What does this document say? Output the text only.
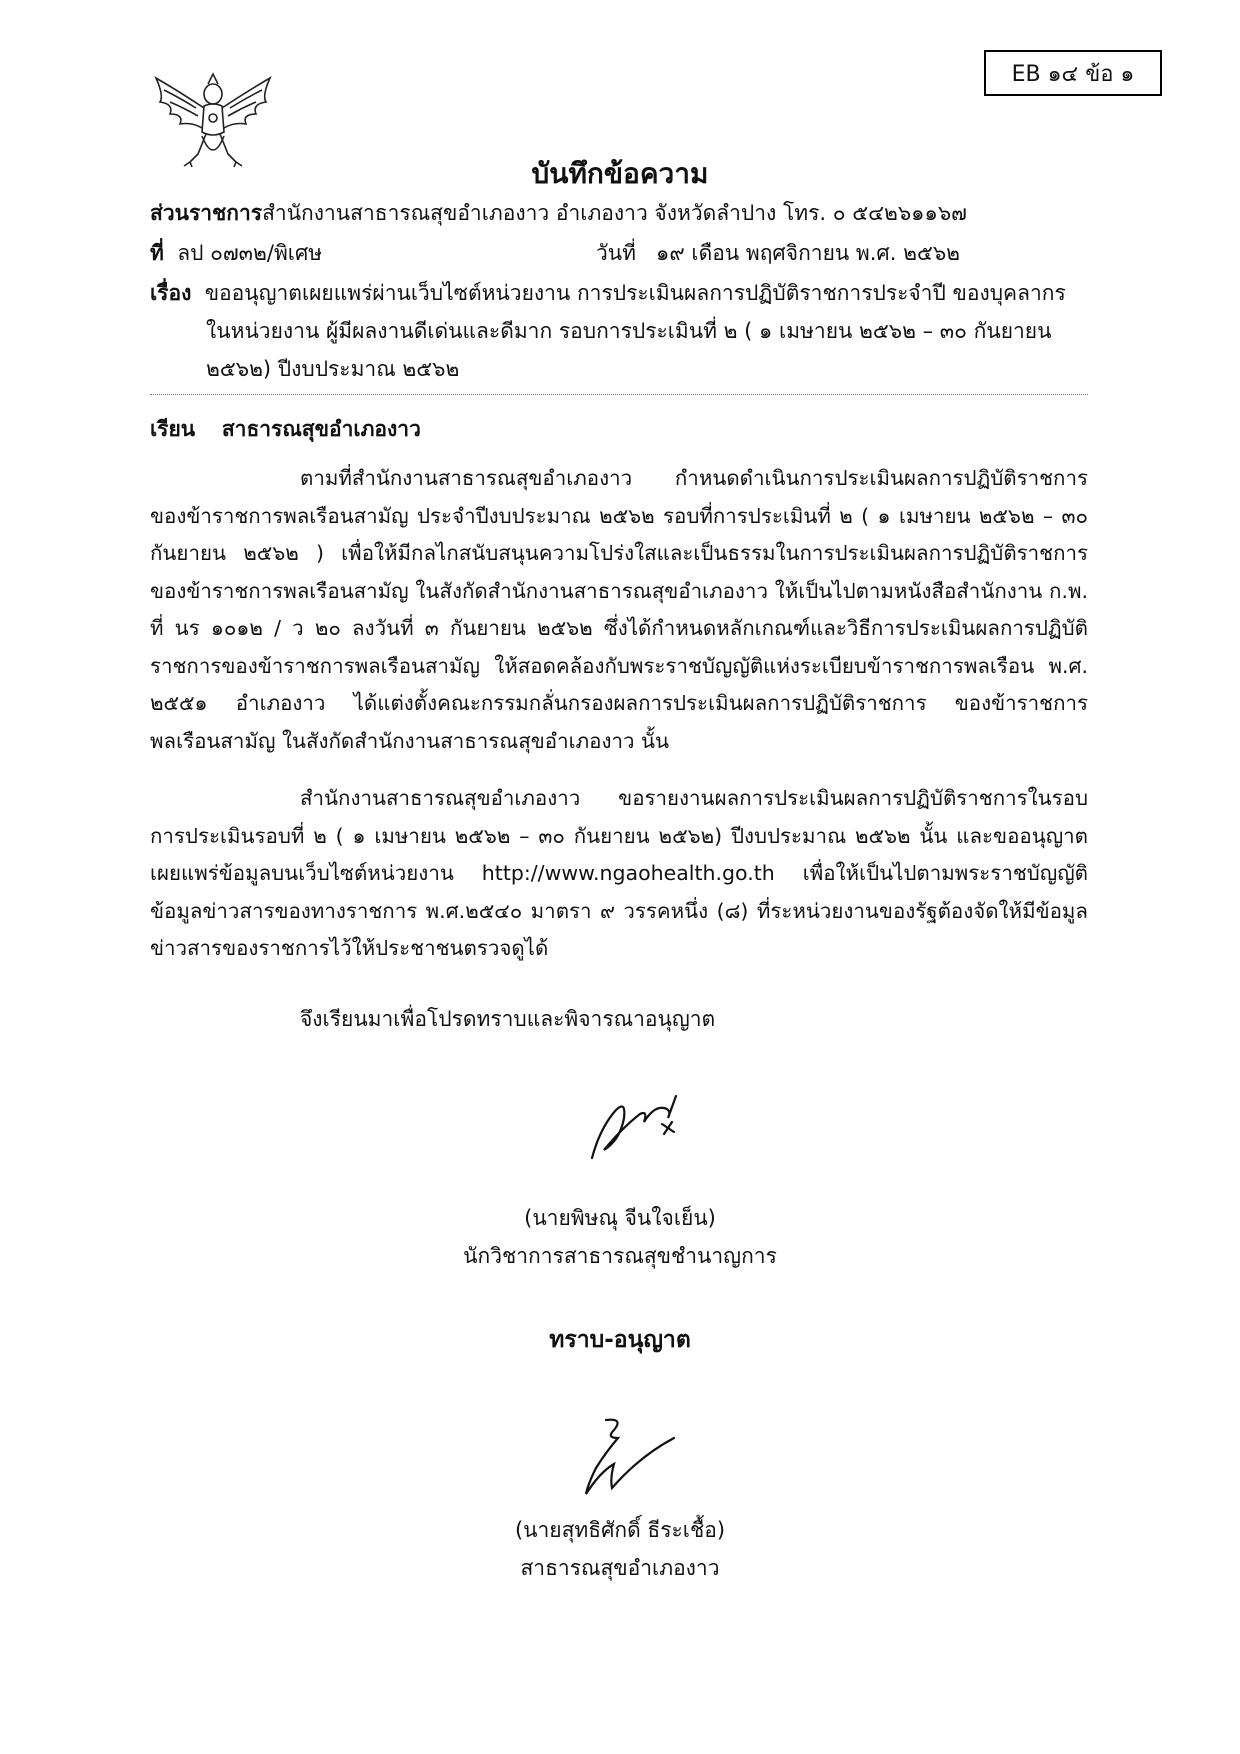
EB ๑๔ ข้อ ๑
บันทึกข้อความ
ส่วนราชการสำนักงานสาธารณสุขอำเภองาว อำเภองาว จังหวัดลำปาง โทร. ๐ ๕๔๒๖๑๑๖๗
ที่ ลป ๐๗๓๒/พิเศษ	วันที่ ๑๙ เดือน พฤศจิกายน พ.ศ. ๒๕๖๒
เรื่อง ขออนุญาตเผยแพร่ผ่านเว็บไซต์หน่วยงาน การประเมินผลการปฏิบัติราชการประจำปี ของบุคลากร
ในหน่วยงาน ผู้มีผลงานดีเด่นและดีมาก รอบการประเมินที่ ๒ ( ๑ เมษายน ๒๕๖๒ – ๓๐ กันยายน
๒๕๖๒) ปีงบประมาณ ๒๕๖๒
เรียน สาธารณสุขอำเภองาว
ตามที่สำนักงานสาธารณสุขอำเภองาว กำหนดดำเนินการประเมินผลการปฏิบัติราชการของข้าราชการพลเรือนสามัญ ประจำปีงบประมาณ ๒๕๖๒ รอบที่การประเมินที่ ๒ ( ๑ เมษายน ๒๕๖๒ – ๓๐ กันยายน ๒๕๖๒ ) เพื่อให้มีกลไกสนับสนุนความโปร่งใสและเป็นธรรมในการประเมินผลการปฏิบัติราชการของข้าราชการพลเรือนสามัญ ในสังกัดสำนักงานสาธารณสุขอำเภองาว ให้เป็นไปตามหนังสือสำนักงาน ก.พ. ที่ นร ๑๐๑๒ / ว ๒๐ ลงวันที่ ๓ กันยายน ๒๕๖๒ ซึ่งได้กำหนดหลักเกณฑ์และวิธีการประเมินผลการปฏิบัติราชการของข้าราชการพลเรือนสามัญ ให้สอดคล้องกับพระราชบัญญัติแห่งระเบียบข้าราชการพลเรือน พ.ศ. ๒๕๕๑ อำเภองาว ได้แต่งตั้งคณะกรรมกลั่นกรองผลการประเมินผลการปฏิบัติราชการ ของข้าราชการพลเรือนสามัญ ในสังกัดสำนักงานสาธารณสุขอำเภองาว นั้น
สำนักงานสาธารณสุขอำเภองาว ขอรายงานผลการประเมินผลการปฏิบัติราชการในรอบการประเมินรอบที่ ๒ ( ๑ เมษายน ๒๕๖๒ – ๓๐ กันยายน ๒๕๖๒) ปีงบประมาณ ๒๕๖๒ นั้น และขออนุญาตเผยแพร่ข้อมูลบนเว็บไซต์หน่วยงาน http://www.ngaohealth.go.th เพื่อให้เป็นไปตามพระราชบัญญัติข้อมูลข่าวสารของทางราชการ พ.ศ.๒๕๔๐ มาตรา ๙ วรรคหนึ่ง (๘) ที่ระหน่วยงานของรัฐต้องจัดให้มีข้อมูลข่าวสารของราชการไว้ให้ประชาชนตรวจดูได้
จึงเรียนมาเพื่อโปรดทราบและพิจารณาอนุญาต
(นายพิษณุ จีนใจเย็น)
นักวิชาการสาธารณสุขชำนาญการ
ทราบ-อนุญาต
(นายสุทธิศักดิ์ ธีระเชื้อ)
สาธารณสุขอำเภองาว
